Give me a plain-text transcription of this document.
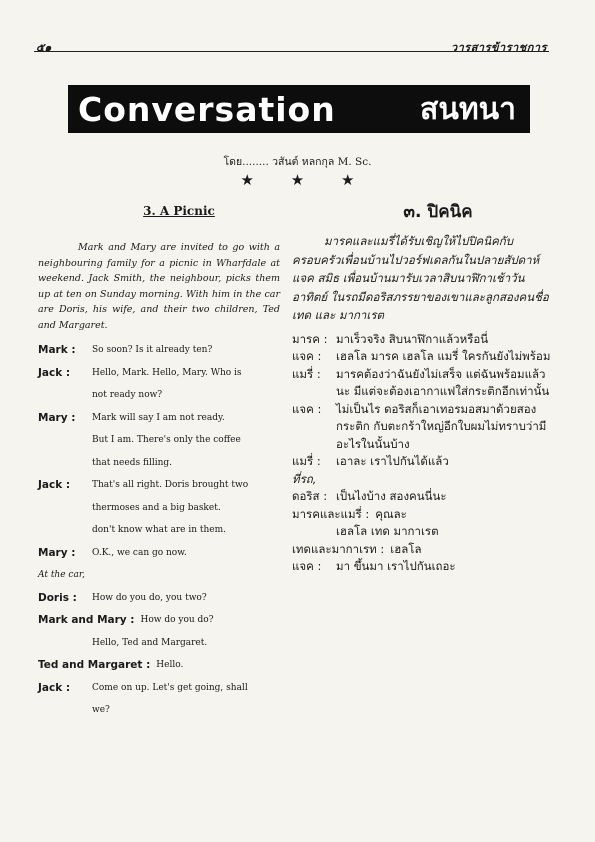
๕๑	วารสารข้าราชการ
Conversation	สนทนา
โดย........ วสันต์ หลกกุล M. Sc.
★ ★ ★
3. A Picnic
Mark and Mary are invited to go with a neighbouring family for a picnic in Wharfdale at weekend. Jack Smith, the neighbour, picks them up at ten on Sunday morning. With him in the car are Doris, his wife, and their two children, Ted and Margaret.
Mark :	So soon? Is it already ten?
Jack :	Hello, Mark. Hello, Mary. Who is
not ready now?
Mary :	Mark will say I am not ready.
But I am. There's only the coffee
that needs filling.
Jack :	That's all right. Doris brought two
thermoses and a big basket.
don't know what are in them.
Mary :	O.K., we can go now.
At the car,
Doris :	How do you do, you two?
Mark and Mary : How do you do?
Hello, Ted and Margaret.
Ted and Margaret : Hello.
Jack :	Come on up. Let's get going, shall
we?
๓. ปิคนิค
มารคและแมรี่ได้รับเชิญให้ไปปิคนิคกับครอบครัวเพื่อนบ้านไปวอร์ฟเดลกันในปลายสัปดาห์ แจค สมิธ เพื่อนบ้านมารับเวลาสิบนาฬิกาเช้าวันอาทิตย์ ในรถมีดอริสภรรยาของเขาและลูกสองคนชื่อ เทด และ มากาเรต
มารค : มาเร็วจริง สิบนาฬิกาแล้วหรือนี่
แจค :	เฮลโล มารค เฮลโล แมรี่ ใครกันยังไม่พร้อม
แมรี่ :	มารคต้องว่าฉันยังไม่เสร็จ แต่ฉันพร้อมแล้วนะ มีแต่จะต้องเอากาแฟใส่กระติกอีกเท่านั้น
แจค :	ไม่เป็นไร ดอริสก็เอาเทอรมอสมาด้วยสองกระติก กับตะกร้าใหญ่อีกใบผมไม่ทราบว่ามีอะไรในนั้นบ้าง
แมรี่ :	เอาละ เราไปกันได้แล้ว
ที่รถ,
ดอริส : เป็นไงบ้าง สองคนนี่นะ
มารคและแมรี่ : คุณละ
เฮลโล เทด มากาเรต
เทดและมากาเรท : เฮลโล
แจค :	มา ขึ้นมา เราไปกันเถอะ
